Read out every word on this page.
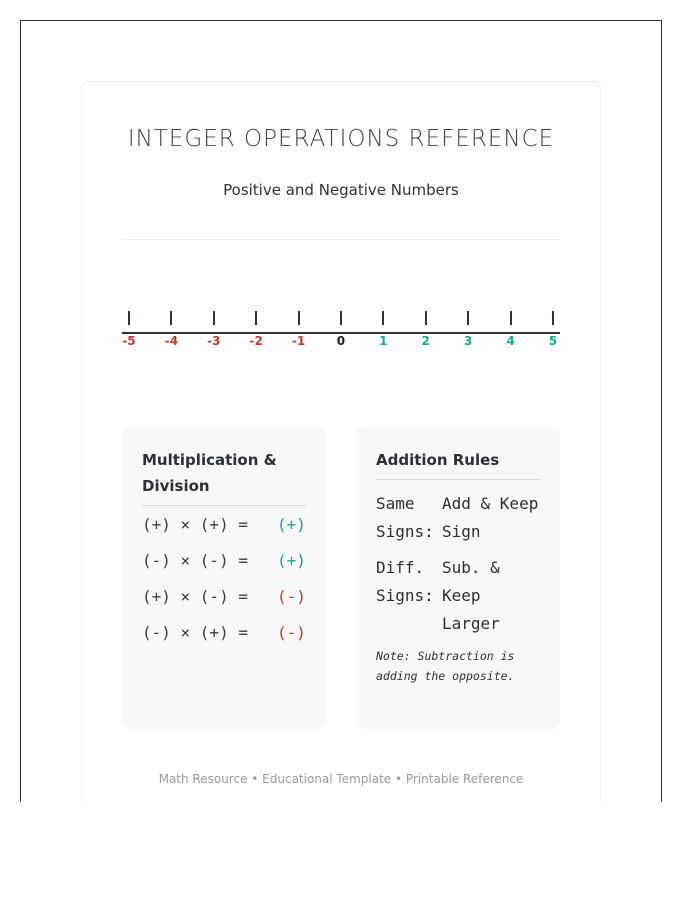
INTEGER OPERATIONS REFERENCE
Positive and Negative Numbers
-5 -4 -3 -2 -1	0	1	2	3	4	5
Multiplication & Division
(+) × (+) =	(+)
(-) × (-) =	(+)
(+) × (-) =	(-)
(-) × (+) =	(-)
Addition Rules
Same Signs:
Add & Keep Sign
Diff. Signs:
Sub. & Keep Larger
Note: Subtraction is adding the opposite.
Math Resource • Educational Template • Printable Reference
